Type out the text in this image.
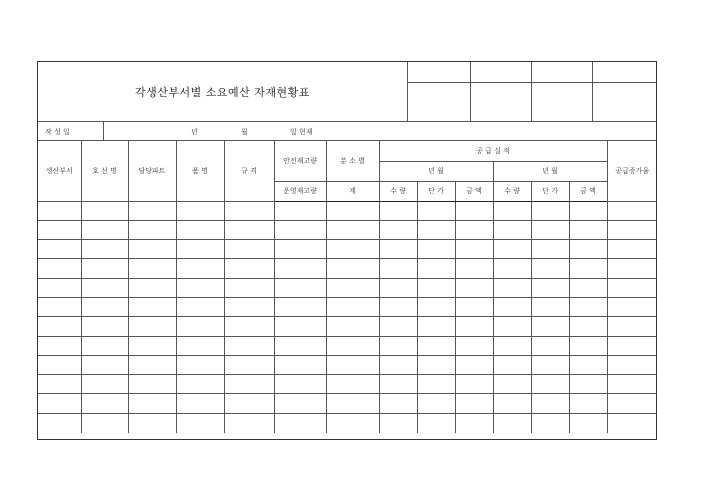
각생산부서별 소요예산 자재현황표

작 성 일	년	월	일 현재
생산부서	호 선 명	담당파트	품 명	규 격	안전재고량	분 소 별	공 급 실 적						공급증가율
							년 월			년 월			
					운영재고량	계	수 량	단 가	금 액	수 량	단 가	금 액	
